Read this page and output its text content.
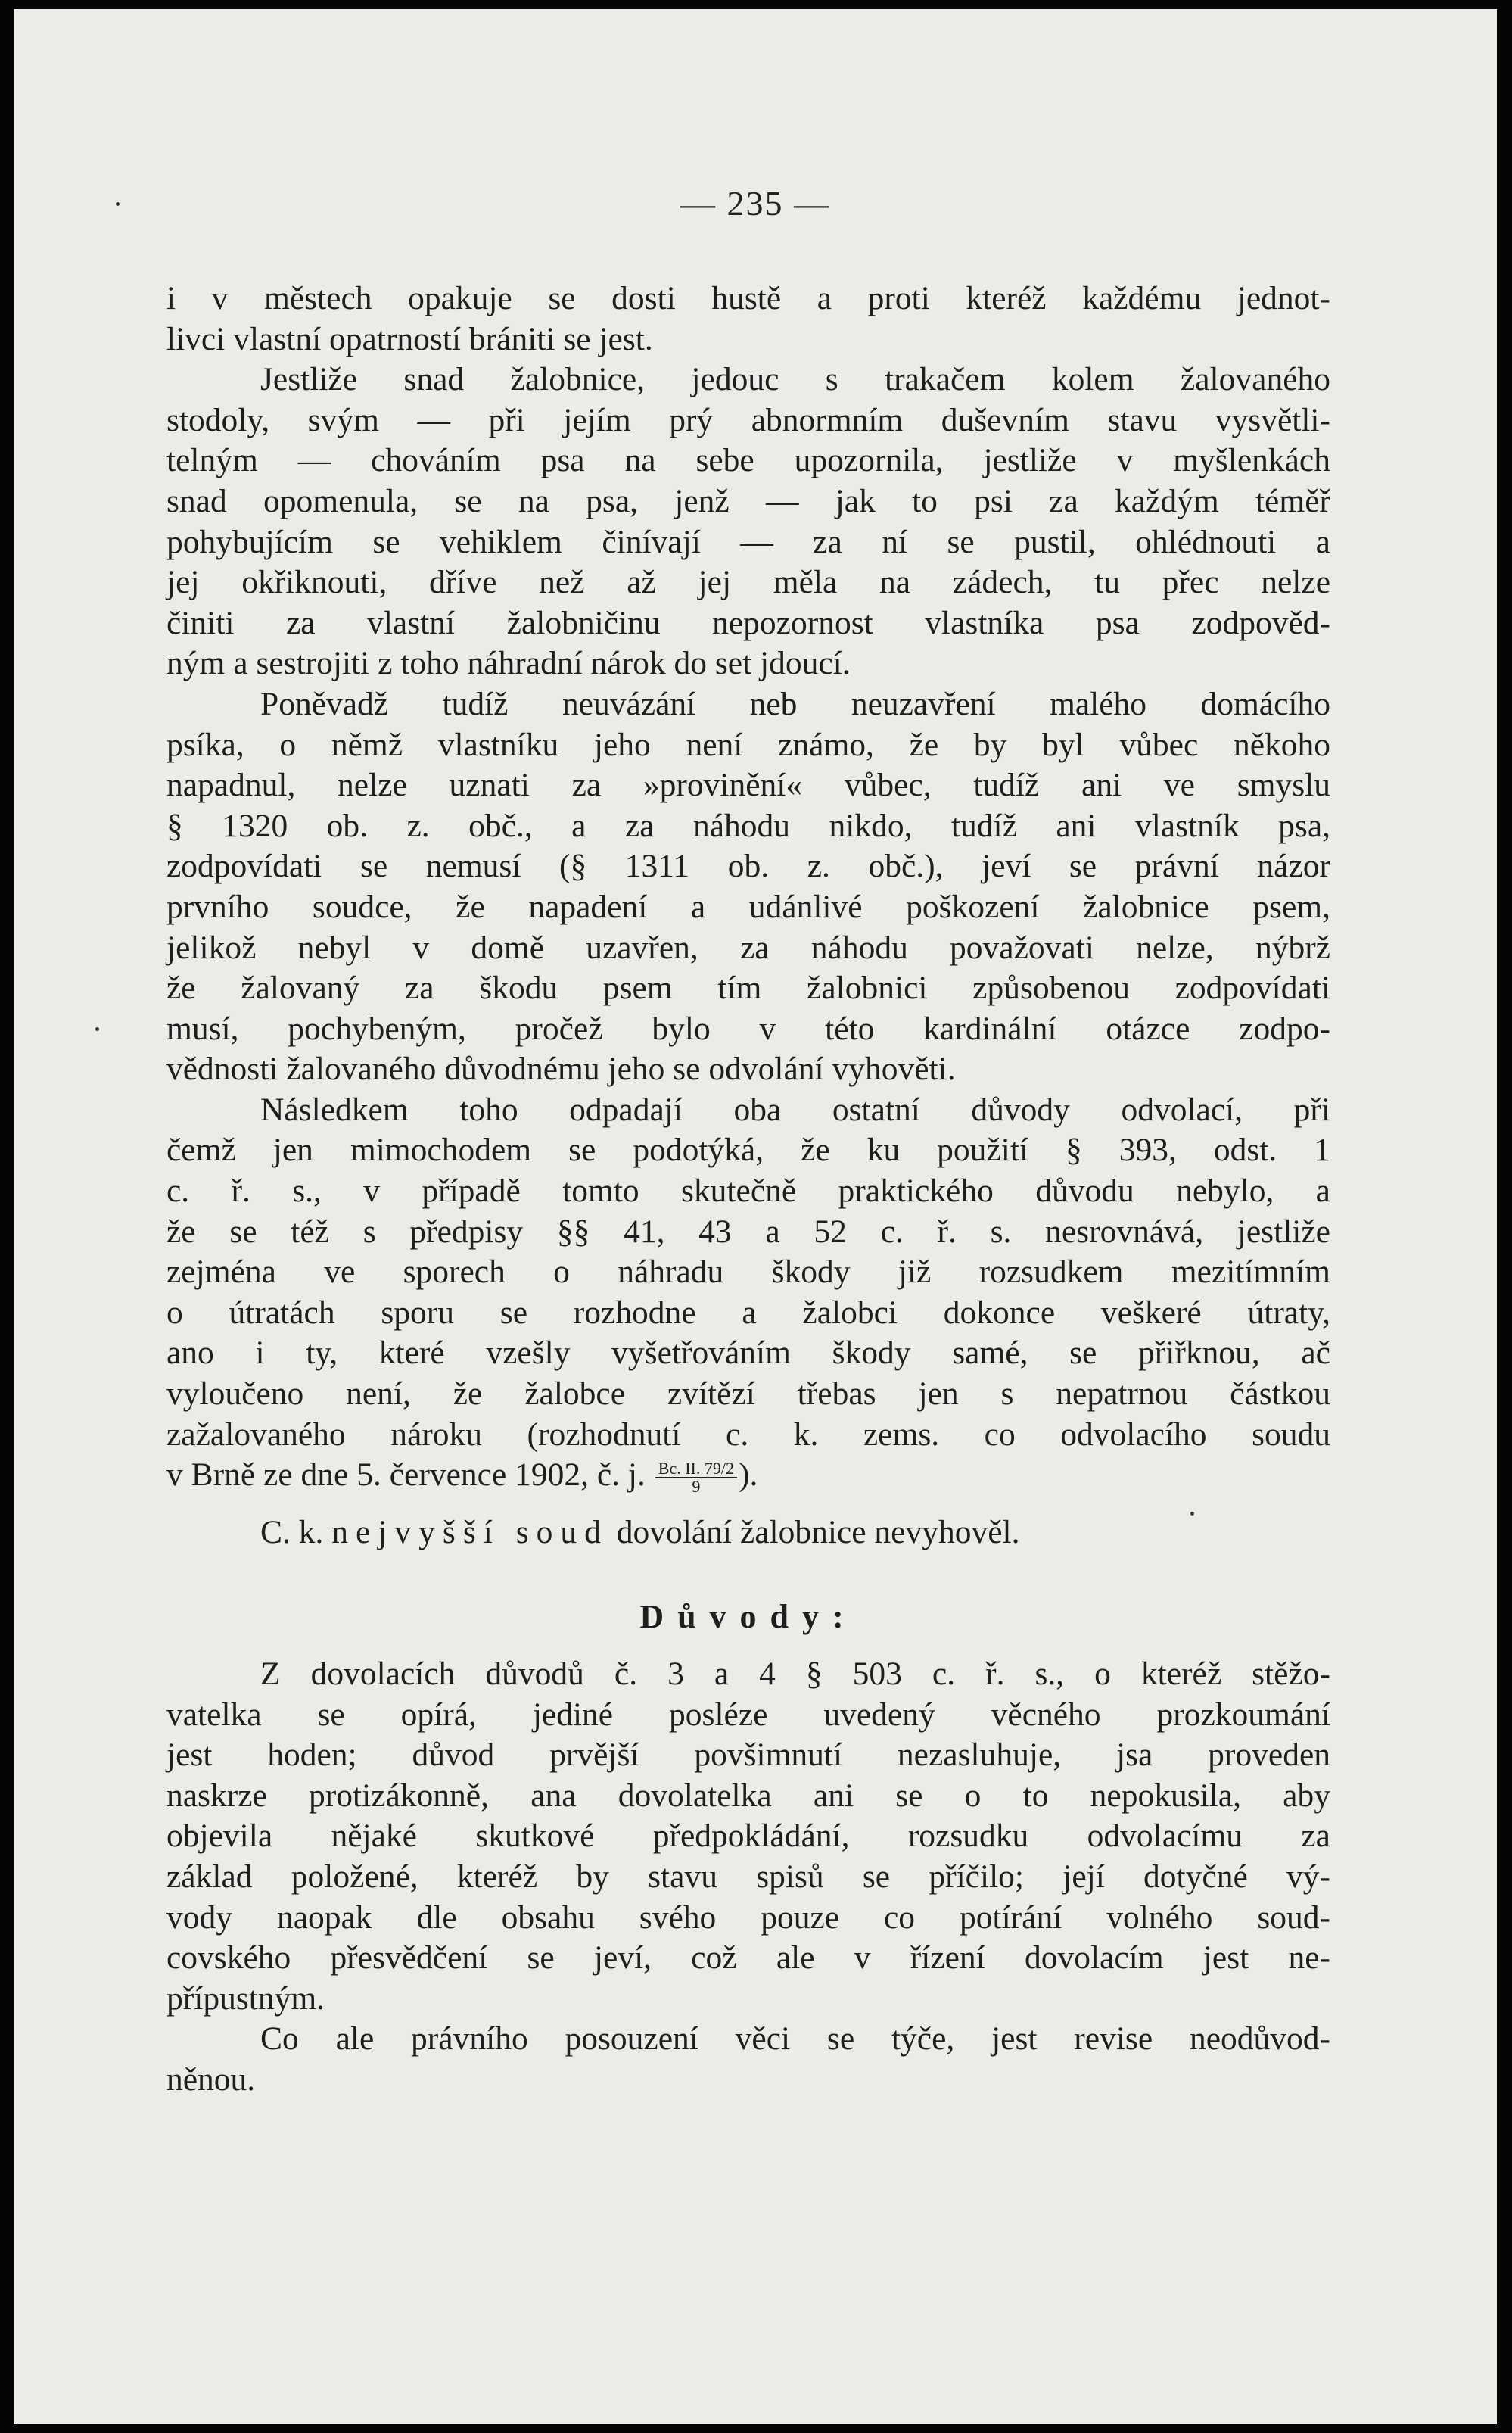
— 235 —
i v městech opakuje se dosti hustě a proti kteréž každému jednot-
livci vlastní opatrností brániti se jest.
Jestliže snad žalobnice, jedouc s trakačem kolem žalovaného
stodoly, svým — při jejím prý abnormním duševním stavu vysvětli-
telným — chováním psa na sebe upozornila, jestliže v myšlenkách
snad opomenula, se na psa, jenž — jak to psi za každým téměř
pohybujícím se vehiklem činívají — za ní se pustil, ohlédnouti a
jej okřiknouti, dříve než až jej měla na zádech, tu přec nelze
činiti za vlastní žalobničinu nepozornost vlastníka psa zodpověd-
ným a sestrojiti z toho náhradní nárok do set jdoucí.
Poněvadž tudíž neuvázání neb neuzavření malého domácího
psíka, o němž vlastníku jeho není známo, že by byl vůbec někoho
napadnul, nelze uznati za »provinění« vůbec, tudíž ani ve smyslu
§ 1320 ob. z. obč., a za náhodu nikdo, tudíž ani vlastník psa,
zodpovídati se nemusí (§ 1311 ob. z. obč.), jeví se právní názor
prvního soudce, že napadení a udánlivé poškození žalobnice psem,
jelikož nebyl v domě uzavřen, za náhodu považovati nelze, nýbrž
že žalovaný za škodu psem tím žalobnici způsobenou zodpovídati
musí, pochybeným, pročež bylo v této kardinální otázce zodpo-
vědnosti žalovaného důvodnému jeho se odvolání vyhověti.
Následkem toho odpadají oba ostatní důvody odvolací, při
čemž jen mimochodem se podotýká, že ku použití § 393, odst. 1
c. ř. s., v případě tomto skutečně praktického důvodu nebylo, a
že se též s předpisy §§ 41, 43 a 52 c. ř. s. nesrovnává, jestliže
zejména ve sporech o náhradu škody již rozsudkem mezitímním
o útratách sporu se rozhodne a žalobci dokonce veškeré útraty,
ano i ty, které vzešly vyšetřováním škody samé, se přiřknou, ač
vyloučeno není, že žalobce zvítězí třebas jen s nepatrnou částkou
zažalovaného nároku (rozhodnutí c. k. zems. co odvolacího soudu
v Brně ze dne 5. července 1902, č. j. $\frac{Bc. II. 79/2}{9}$ ).
C. k. nejvyšší soud dovolání žalobnice nevyhověl.
Důvody:
Z dovolacích důvodů č. 3 a 4 § 503 c. ř. s., o kteréž stěžo-
vatelka se opírá, jediné posléze uvedený věcného prozkoumání
jest hoden; důvod prvější povšimnutí nezasluhuje, jsa proveden
naskrze protizákonně, ana dovolatelka ani se o to nepokusila, aby
objevila nějaké skutkové předpokládání, rozsudku odvolacímu za
základ položené, kteréž by stavu spisů se příčilo; její dotyčné vý-
vody naopak dle obsahu svého pouze co potírání volného soud-
covského přesvědčení se jeví, což ale v řízení dovolacím jest ne-
přípustným.
Co ale právního posouzení věci se týče, jest revise neodůvod-
něnou.
